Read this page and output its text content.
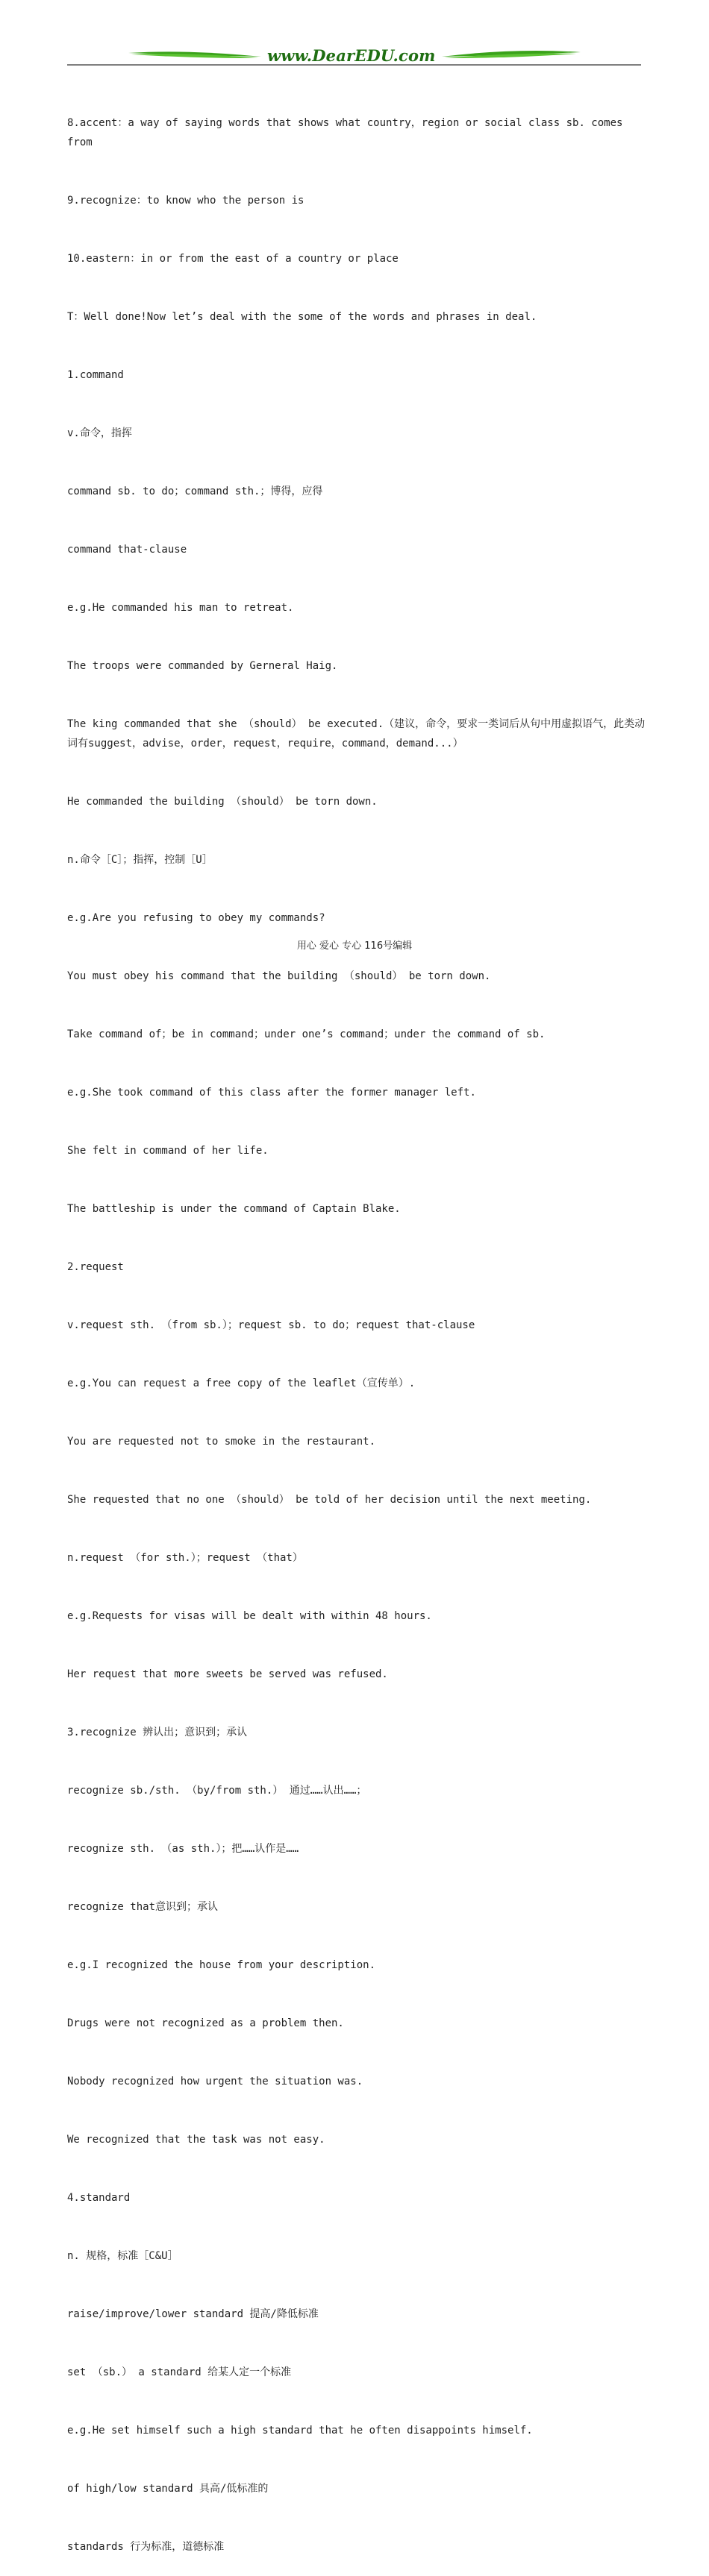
www.DearEDU.com

8.accent：a way of saying words that shows what country，region or social class sb. comes from

9.recognize：to know who the person is

10.eastern：in or from the east of a country or place

T：Well done!Now let’s deal with the some of the words and phrases in deal.

1.command

v.命令，指挥

command sb. to do；command sth.；博得，应得

command that-clause

e.g.He commanded his man to retreat.

The troops were commanded by Gerneral Haig.

The king commanded that she （should） be executed.（建议，命令，要求一类词后从句中用虚拟语气，此类动词有suggest，advise，order，request，require，command，demand...）

He commanded the building （should） be torn down.

n.命令［C］；指挥，控制［U］

e.g.Are you refusing to obey my commands?

You must obey his command that the building （should） be torn down.

Take command of；be in command；under one’s command；under the command of sb.

e.g.She took command of this class after the former manager left.

She felt in command of her life.

The battleship is under the command of Captain Blake.

2.request

v.request sth. （from sb.）；request sb. to do；request that-clause

e.g.You can request a free copy of the leaflet（宣传单）.

You are requested not to smoke in the restaurant.

She requested that no one （should） be told of her decision until the next meeting.

n.request （for sth.）；request （that）

e.g.Requests for visas will be dealt with within 48 hours.

Her request that more sweets be served was refused.

3.recognize 辨认出；意识到；承认

recognize sb./sth. （by/from sth.） 通过……认出……；

recognize sth. （as sth.）；把……认作是……

recognize that意识到；承认

e.g.I recognized the house from your description.

Drugs were not recognized as a problem then.

Nobody recognized how urgent the situation was.

We recognized that the task was not easy.

4.standard

n. 规格，标准［C&U］

raise/improve/lower standard 提高/降低标准

set （sb.） a standard 给某人定一个标准

e.g.He set himself such a high standard that he often disappoints himself.

of high/low standard 具高/低标准的

standards 行为标准，道德标准

用心 爱心 专心 116号编辑
